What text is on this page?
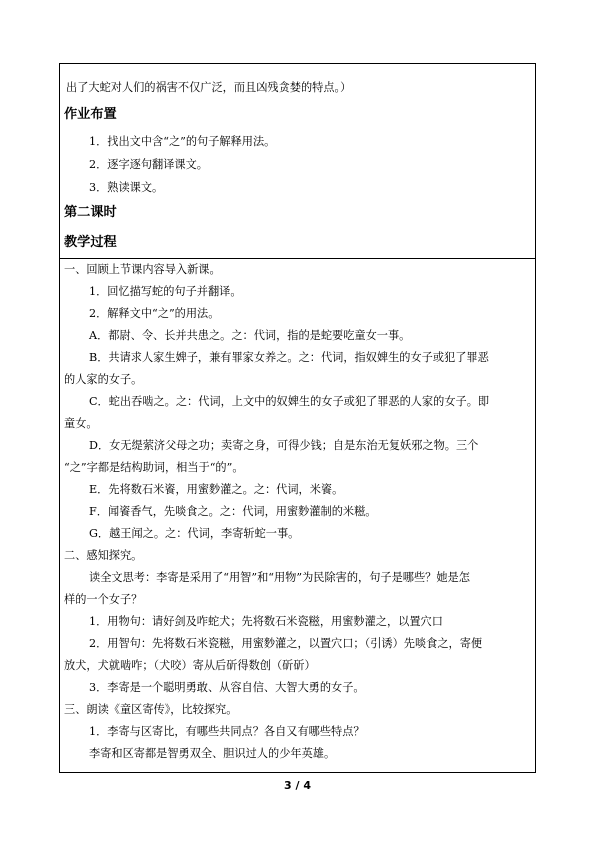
出了大蛇对人们的祸害不仅广泛，而且凶残贪婪的特点。）
作业布置
1．找出文中含“之”的句子解释用法。
2．逐字逐句翻译课文。
3．熟读课文。
第二课时
教学过程
一、回顾上节课内容导入新课。
1．回忆描写蛇的句子并翻译。
2．解释文中“之”的用法。
A．都尉、令、长并共患之。之：代词，指的是蛇要吃童女一事。
B．共请求人家生婢子，兼有罪家女养之。之：代词，指奴婢生的女子或犯了罪恶
的人家的女子。
C．蛇出吞啮之。之：代词，上文中的奴婢生的女子或犯了罪恶的人家的女子。即
童女。
D．女无缇萦济父母之功；卖寄之身，可得少钱；自是东治无复妖邪之物。三个
“之”字都是结构助词，相当于“的”。
E．先将数石米餈，用蜜麨灌之。之：代词，米餈。
F．闻餈香气，先啖食之。之：代词，用蜜麨灌制的米糍。
G．越王闻之。之：代词，李寄斩蛇一事。
二、感知探究。
读全文思考：李寄是采用了“用智”和“用物”为民除害的，句子是哪些？她是怎
样的一个女子？
1．用物句：请好剑及咋蛇犬；先将数石米瓷糍，用蜜麨灌之，以置穴口
2．用智句：先将数石米瓷糍，用蜜麨灌之，以置穴口；（引诱）先啖食之，寄便
放犬，犬就啮咋；（犬咬）寄从后斫得数创（斫斫）
3．李寄是一个聪明勇敢、从容自信、大智大勇的女子。
三、朗读《童区寄传》，比较探究。
1．李寄与区寄比，有哪些共同点？各自又有哪些特点？
李寄和区寄都是智勇双全、胆识过人的少年英雄。
3 / 4
